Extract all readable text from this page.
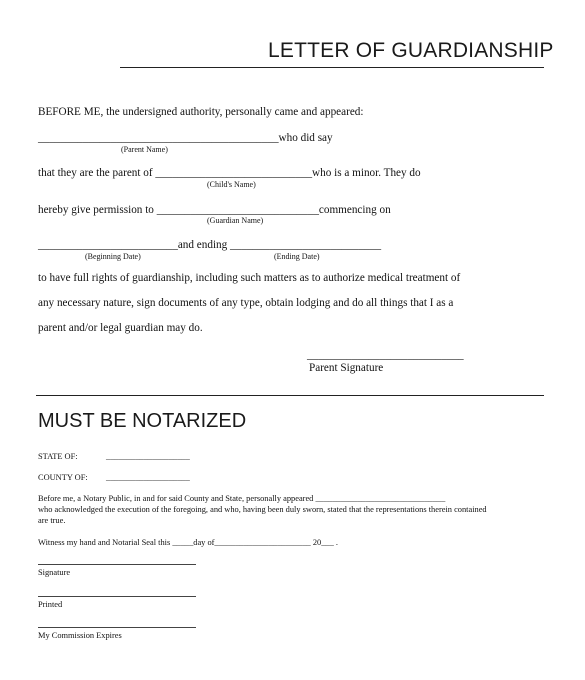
LETTER OF GUARDIANSHIP
BEFORE ME, the undersigned authority, personally came and appeared:
___________________________________________who did say
(Parent Name)
that they are the parent of ____________________________who is a minor. They do
(Child's Name)
hereby give permission to _____________________________commencing on
(Guardian Name)
_________________________and ending ___________________________
(Beginning Date)	(Ending Date)
to have full rights of guardianship, including such matters as to authorize medical treatment of
any necessary nature, sign documents of any type, obtain lodging and do all things that I as a
parent and/or legal guardian may do.
____________________________
Parent Signature
MUST BE NOTARIZED
STATE OF:	____________________
COUNTY OF: ____________________
Before me, a Notary Public, in and for said County and State, personally appeared _______________________________
who acknowledged the execution of the foregoing, and who, having been duly sworn, stated that the representations therein contained
are true.
Witness my hand and Notarial Seal this _____day of_______________________ 20___ .
Signature
Printed
My Commission Expires
